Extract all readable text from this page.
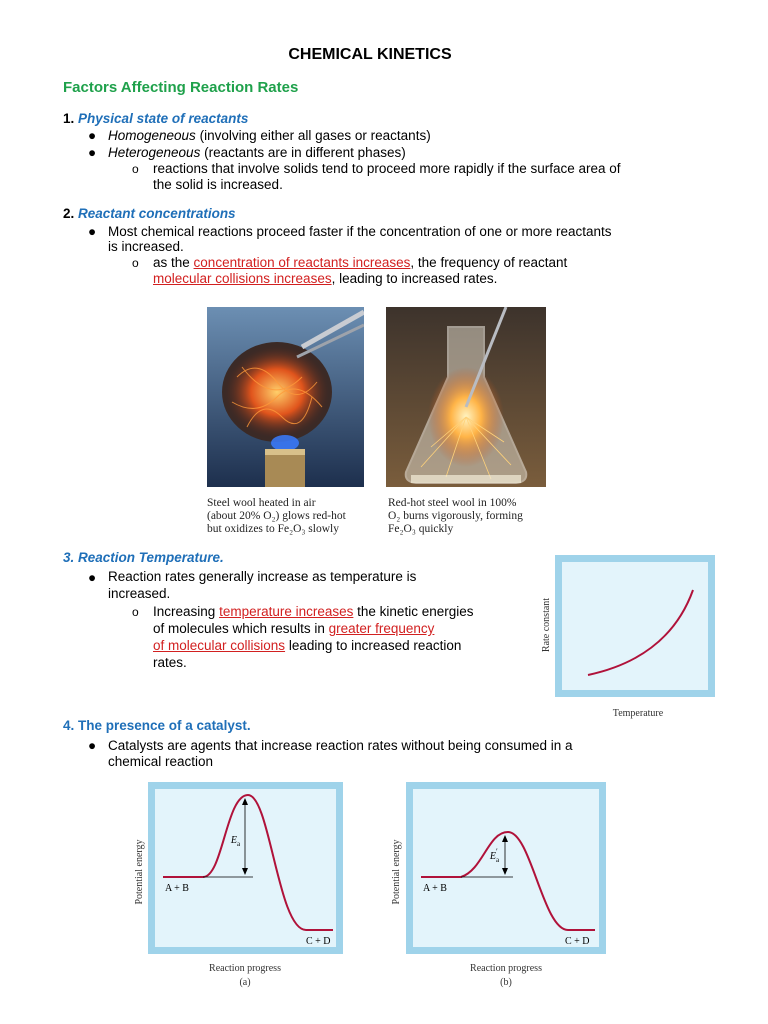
CHEMICAL KINETICS
Factors Affecting Reaction Rates
1. Physical state of reactants
● Homogeneous (involving either all gases or reactants)
● Heterogeneous (reactants are in different phases)
o reactions that involve solids tend to proceed more rapidly if the surface area of
the solid is increased.
2. Reactant concentrations
● Most chemical reactions proceed faster if the concentration of one or more reactants
is increased.
o as the concentration of reactants increases, the frequency of reactant
molecular collisions increases, leading to increased rates.
Steel wool heated in air
(about 20% O₂) glows red-hot
but oxidizes to Fe₂O₃ slowly
Red-hot steel wool in 100%
O₂ burns vigorously, forming
Fe₂O₃ quickly
3. Reaction Temperature.
● Reaction rates generally increase as temperature is
increased.
o Increasing temperature increases the kinetic energies
of molecules which results in greater frequency
of molecular collisions leading to increased reaction
rates.
Rate constant
Temperature
4. The presence of a catalyst.
● Catalysts are agents that increase reaction rates without being consumed in a
chemical reaction
E a
A + B
C + D
Potential energy
Reaction progress
(a)
E a
′
A + B
C + D
Potential energy
Reaction progress
(b)
